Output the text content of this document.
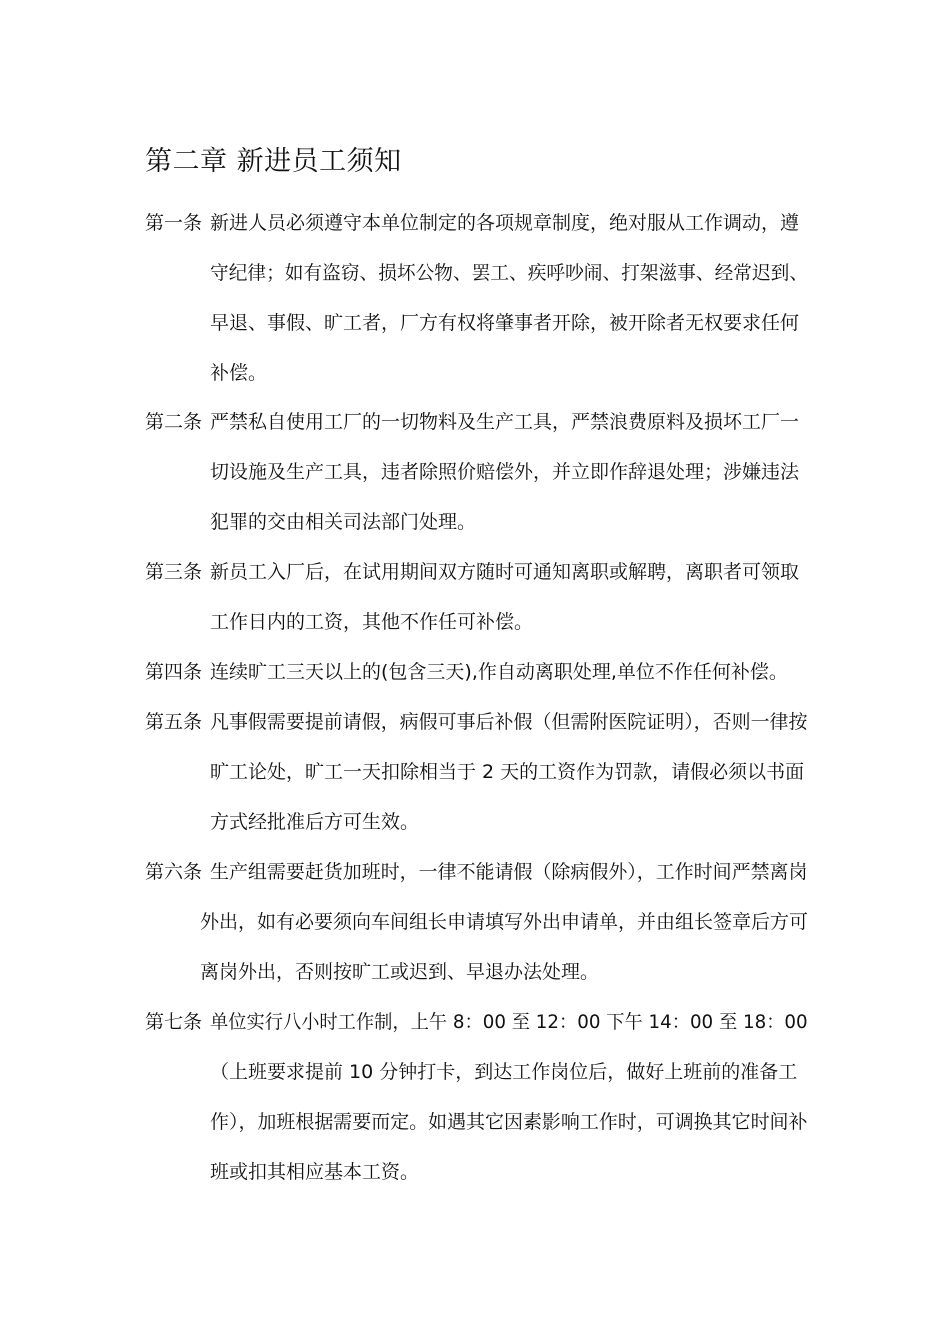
第二章 新进员工须知
第一条 新进人员必须遵守本单位制定的各项规章制度，绝对服从工作调动，遵
守纪律；如有盗窃、损坏公物、罢工、疾呼吵闹、打架滋事、经常迟到、
早退、事假、旷工者，厂方有权将肇事者开除，被开除者无权要求任何
补偿。
第二条 严禁私自使用工厂的一切物料及生产工具，严禁浪费原料及损坏工厂一
切设施及生产工具，违者除照价赔偿外，并立即作辞退处理；涉嫌违法
犯罪的交由相关司法部门处理。
第三条 新员工入厂后，在试用期间双方随时可通知离职或解聘，离职者可领取
工作日内的工资，其他不作任可补偿。
第四条 连续旷工三天以上的(包含三天),作自动离职处理,单位不作任何补偿。
第五条 凡事假需要提前请假，病假可事后补假（但需附医院证明），否则一律按
旷工论处，旷工一天扣除相当于 2 天的工资作为罚款，请假必须以书面
方式经批准后方可生效。
第六条 生产组需要赶货加班时，一律不能请假（除病假外），工作时间严禁离岗
外出，如有必要须向车间组长申请填写外出申请单，并由组长签章后方可
离岗外出，否则按旷工或迟到、早退办法处理。
第七条 单位实行八小时工作制，上午 8：00 至 12：00 下午 14：00 至 18：00
（上班要求提前 10 分钟打卡，到达工作岗位后，做好上班前的准备工
作），加班根据需要而定。如遇其它因素影响工作时，可调换其它时间补
班或扣其相应基本工资。
